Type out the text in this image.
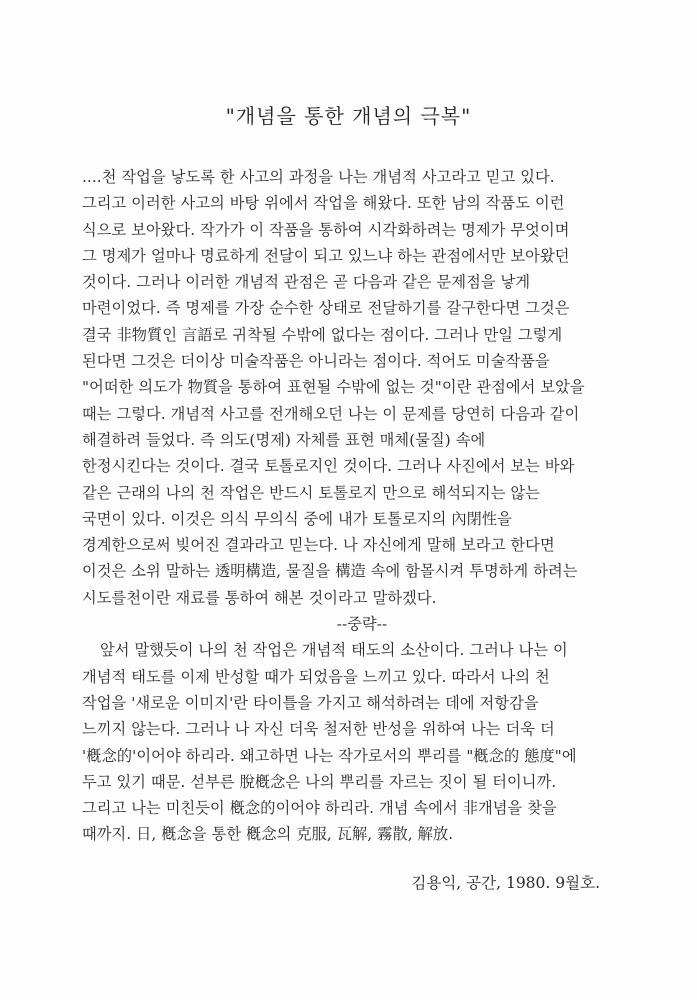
"개념을 통한 개념의 극복"
....천 작업을 낳도록 한 사고의 과정을 나는 개념적 사고라고 믿고 있다.
그리고 이러한 사고의 바탕 위에서 작업을 해왔다. 또한 남의 작품도 이런
식으로 보아왔다. 작가가 이 작품을 통하여 시각화하려는 명제가 무엇이며
그 명제가 얼마나 명료하게 전달이 되고 있느냐 하는 관점에서만 보아왔던
것이다. 그러나 이러한 개념적 관점은 곧 다음과 같은 문제점을 낳게
마련이었다. 즉 명제를 가장 순수한 상태로 전달하기를 갈구한다면 그것은
결국 非物質인 言語로 귀착될 수밖에 없다는 점이다. 그러나 만일 그렇게
된다면 그것은 더이상 미술작품은 아니라는 점이다. 적어도 미술작품을
"어떠한 의도가 物質을 통하여 표현될 수밖에 없는 것"이란 관점에서 보았을
때는 그렇다. 개념적 사고를 전개해오던 나는 이 문제를 당연히 다음과 같이
해결하려 들었다. 즉 의도(명제) 자체를 표현 매체(물질) 속에
한정시킨다는 것이다. 결국 토톨로지인 것이다. 그러나 사진에서 보는 바와
같은 근래의 나의 천 작업은 반드시 토톨로지 만으로 해석되지는 않는
국면이 있다. 이것은 의식 무의식 중에 내가 토톨로지의 內閉性을
경계한으로써 빚어진 결과라고 믿는다. 나 자신에게 말해 보라고 한다면
이것은 소위 말하는 透明構造, 물질을 構造 속에 함몰시켜 투명하게 하려는
시도를천이란 재료를 통하여 해본 것이라고 말하겠다.
--중략--
앞서 말했듯이 나의 천 작업은 개념적 태도의 소산이다. 그러나 나는 이
개념적 태도를 이제 반성할 때가 되었음을 느끼고 있다. 따라서 나의 천
작업을 '새로운 이미지'란 타이틀을 가지고 해석하려는 데에 저항감을
느끼지 않는다. 그러나 나 자신 더욱 철저한 반성을 위하여 나는 더욱 더
'槪念的'이어야 하리라. 왜고하면 나는 작가로서의 뿌리를 "槪念的 態度"에
두고 있기 때문. 섣부른 脫槪念은 나의 뿌리를 자르는 짓이 될 터이니까.
그리고 나는 미친듯이 槪念的이어야 하리라. 개념 속에서 非개념을 찾을
때까지. 日, 槪念을 통한 槪念의 克服, 瓦解, 霧散, 解放.
김용익, 공간, 1980. 9월호.
